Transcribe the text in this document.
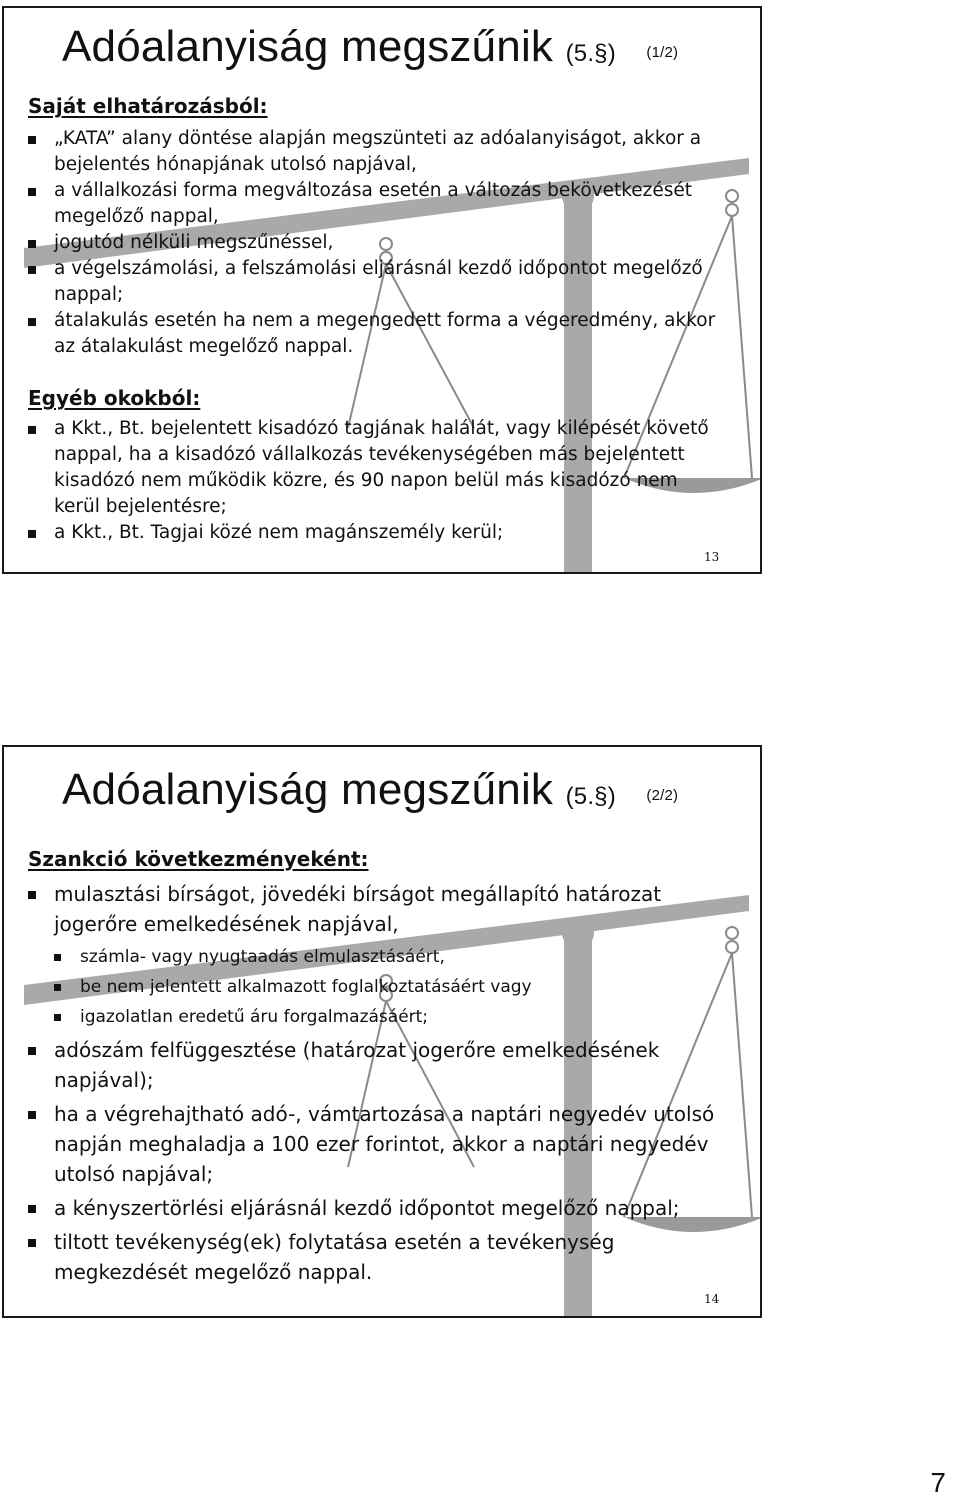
Adóalanyiság megszűnik (5.§) (1/2)
Saját elhatározásból:
„KATA” alany döntése alapján megszünteti az adóalanyiságot, akkor a bejelentés hónapjának utolsó napjával,
a vállalkozási forma megváltozása esetén a változás bekövetkezését megelőző nappal,
jogutód nélküli megszűnéssel,
a végelszámolási, a felszámolási eljárásnál kezdő időpontot megelőző nappal;
átalakulás esetén ha nem a megengedett forma a végeredmény, akkor az átalakulást megelőző nappal.
Egyéb okokból:
a Kkt., Bt. bejelentett kisadózó tagjának halálát, vagy kilépését követő nappal, ha a kisadózó vállalkozás tevékenységében más bejelentett kisadózó nem működik közre, és 90 napon belül más kisadózó nem kerül bejelentésre;
a Kkt., Bt. Tagjai közé nem magánszemély kerül;
13
Adóalanyiság megszűnik (5.§) (2/2)
Szankció következményeként:
mulasztási bírságot, jövedéki bírságot megállapító határozat jogerőre emelkedésének napjával,
számla- vagy nyugtaadás elmulasztásáért,
be nem jelentett alkalmazott foglalkoztatásáért vagy
igazolatlan eredetű áru forgalmazásáért;
adószám felfüggesztése (határozat jogerőre emelkedésének napjával);
ha a végrehajtható adó-, vámtartozása a naptári negyedév utolsó napján meghaladja a 100 ezer forintot, akkor a naptári negyedév utolsó napjával;
a kényszertörlési eljárásnál kezdő időpontot megelőző nappal;
tiltott tevékenység(ek) folytatása esetén a tevékenység megkezdését megelőző nappal.
14
7
